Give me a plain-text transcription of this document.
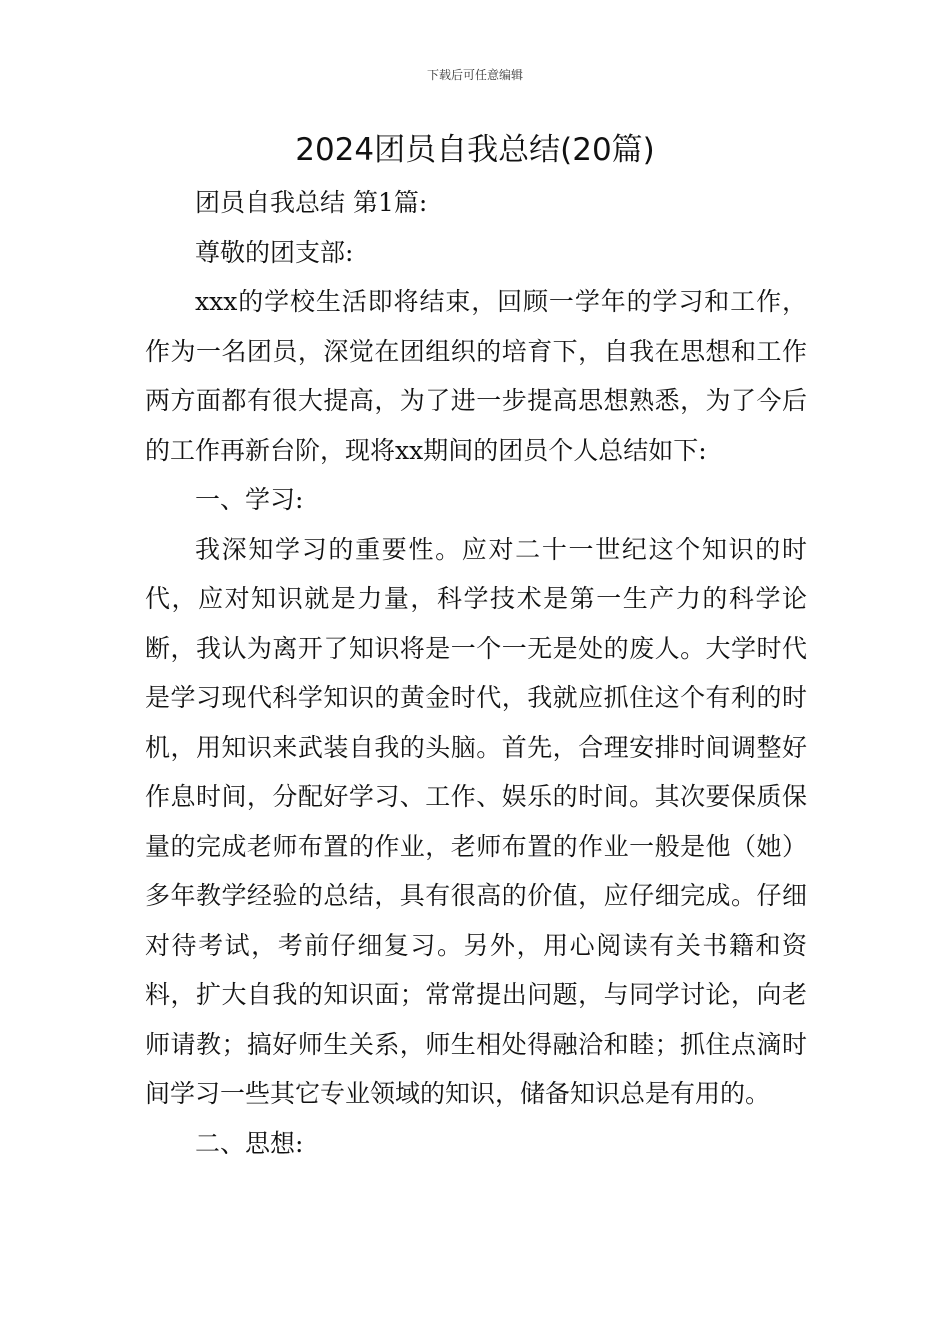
下载后可任意编辑
2024团员自我总结(20篇)

团员自我总结 第1篇:

尊敬的团支部:

xxx的学校生活即将结束，回顾一学年的学习和工作，作为一名团员，深觉在团组织的培育下，自我在思想和工作两方面都有很大提高，为了进一步提高思想熟悉，为了今后的工作再新台阶，现将xx期间的团员个人总结如下:

一、学习:

我深知学习的重要性。应对二十一世纪这个知识的时代，应对知识就是力量，科学技术是第一生产力的科学论断，我认为离开了知识将是一个一无是处的废人。大学时代是学习现代科学知识的黄金时代，我就应抓住这个有利的时机，用知识来武装自我的头脑。首先，合理安排时间调整好作息时间，分配好学习、工作、娱乐的时间。其次要保质保量的完成老师布置的作业，老师布置的作业一般是他（她）多年教学经验的总结，具有很高的价值，应仔细完成。仔细对待考试，考前仔细复习。另外，用心阅读有关书籍和资料，扩大自我的知识面；常常提出问题，与同学讨论，向老师请教；搞好师生关系，师生相处得融洽和睦；抓住点滴时间学习一些其它专业领域的知识，储备知识总是有用的。

二、思想:
